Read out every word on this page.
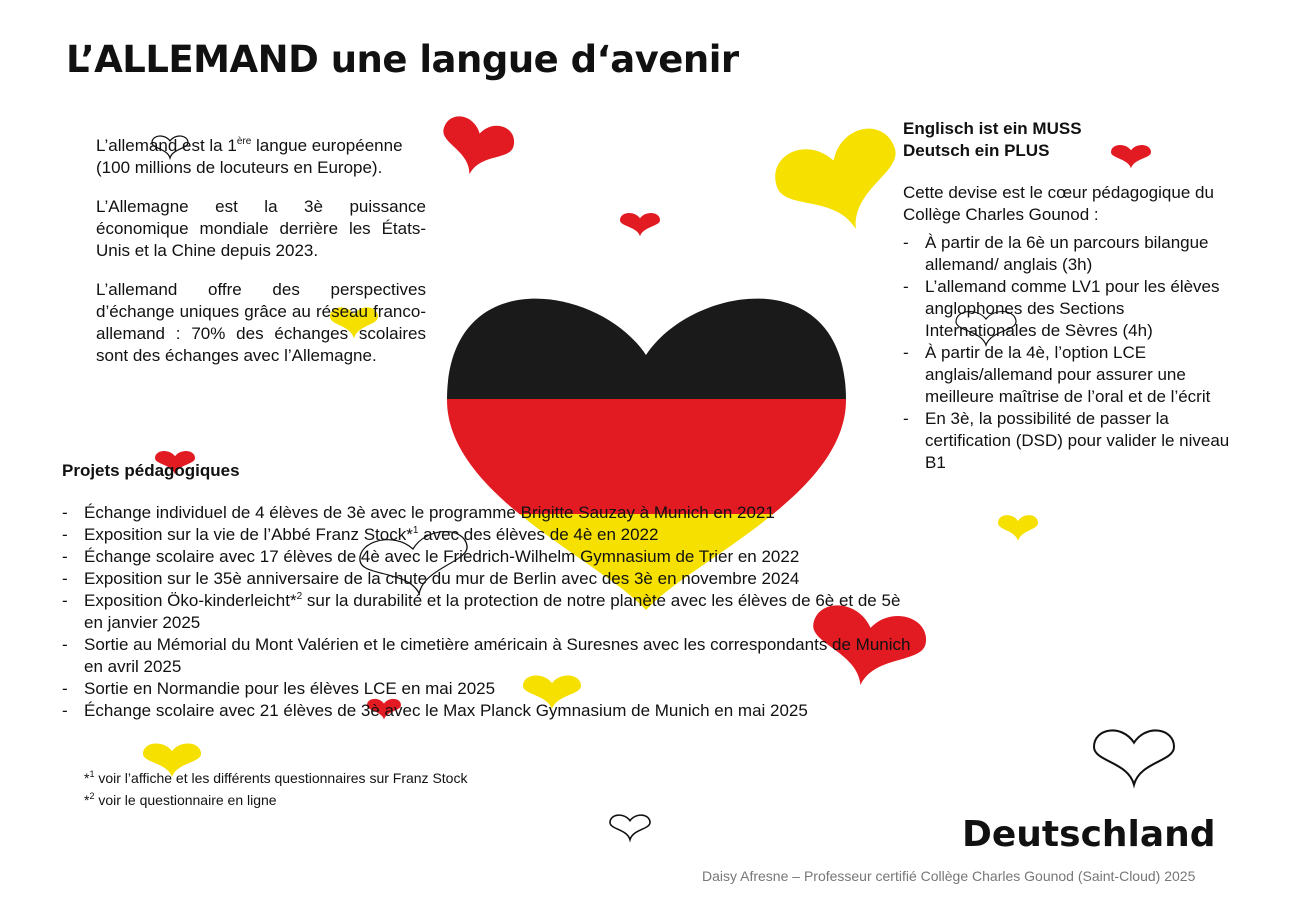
L’ALLEMAND une langue d‘avenir

L’allemand est la 1ère langue européenne (100 millions de locuteurs en Europe).

L’Allemagne est la 3è puissance économique mondiale derrière les États-Unis et la Chine depuis 2023.

L’allemand offre des perspectives d’échange uniques grâce au réseau franco-allemand : 70% des échanges scolaires sont des échanges avec l’Allemagne.

Projets pédagogiques
- Échange individuel de 4 élèves de 3è avec le programme Brigitte Sauzay à Munich en 2021
- Exposition sur la vie de l’Abbé Franz Stock*$^1$ avec des élèves de 4è en 2022
- Échange scolaire avec 17 élèves de 4è avec le Friedrich-Wilhelm Gymnasium de Trier en 2022
- Exposition sur le 35è anniversaire de la chute du mur de Berlin avec des 3è en novembre 2024
- Exposition Öko-kinderleicht*$^2$ sur la durabilité et la protection de notre planète avec les élèves de 6è et de 5è en janvier 2025
- Sortie au Mémorial du Mont Valérien et le cimetière américain à Suresnes avec les correspondants de Munich en avril 2025
- Sortie en Normandie pour les élèves LCE en mai 2025
- Échange scolaire avec 21 élèves de 3è avec le Max Planck Gymnasium de Munich en mai 2025

Englisch ist ein MUSS
Deutsch ein PLUS

Cette devise est le cœur pédagogique du Collège Charles Gounod :

- À partir de la 6è un parcours bilangue allemand/ anglais (3h)
- L’allemand comme LV1 pour les élèves anglophones des Sections Internationales de Sèvres (4h)
- À partir de la 4è, l’option LCE anglais/allemand pour assurer une meilleure maîtrise de l’oral et de l’écrit
- En 3è, la possibilité de passer la certification (DSD) pour valider le niveau B1
*$^1$ voir l’affiche et les différents questionnaires sur Franz Stock
*$^2$ voir le questionnaire en ligne
Deutschland
Daisy Afresne – Professeur certifié Collège Charles Gounod (Saint-Cloud) 2025
